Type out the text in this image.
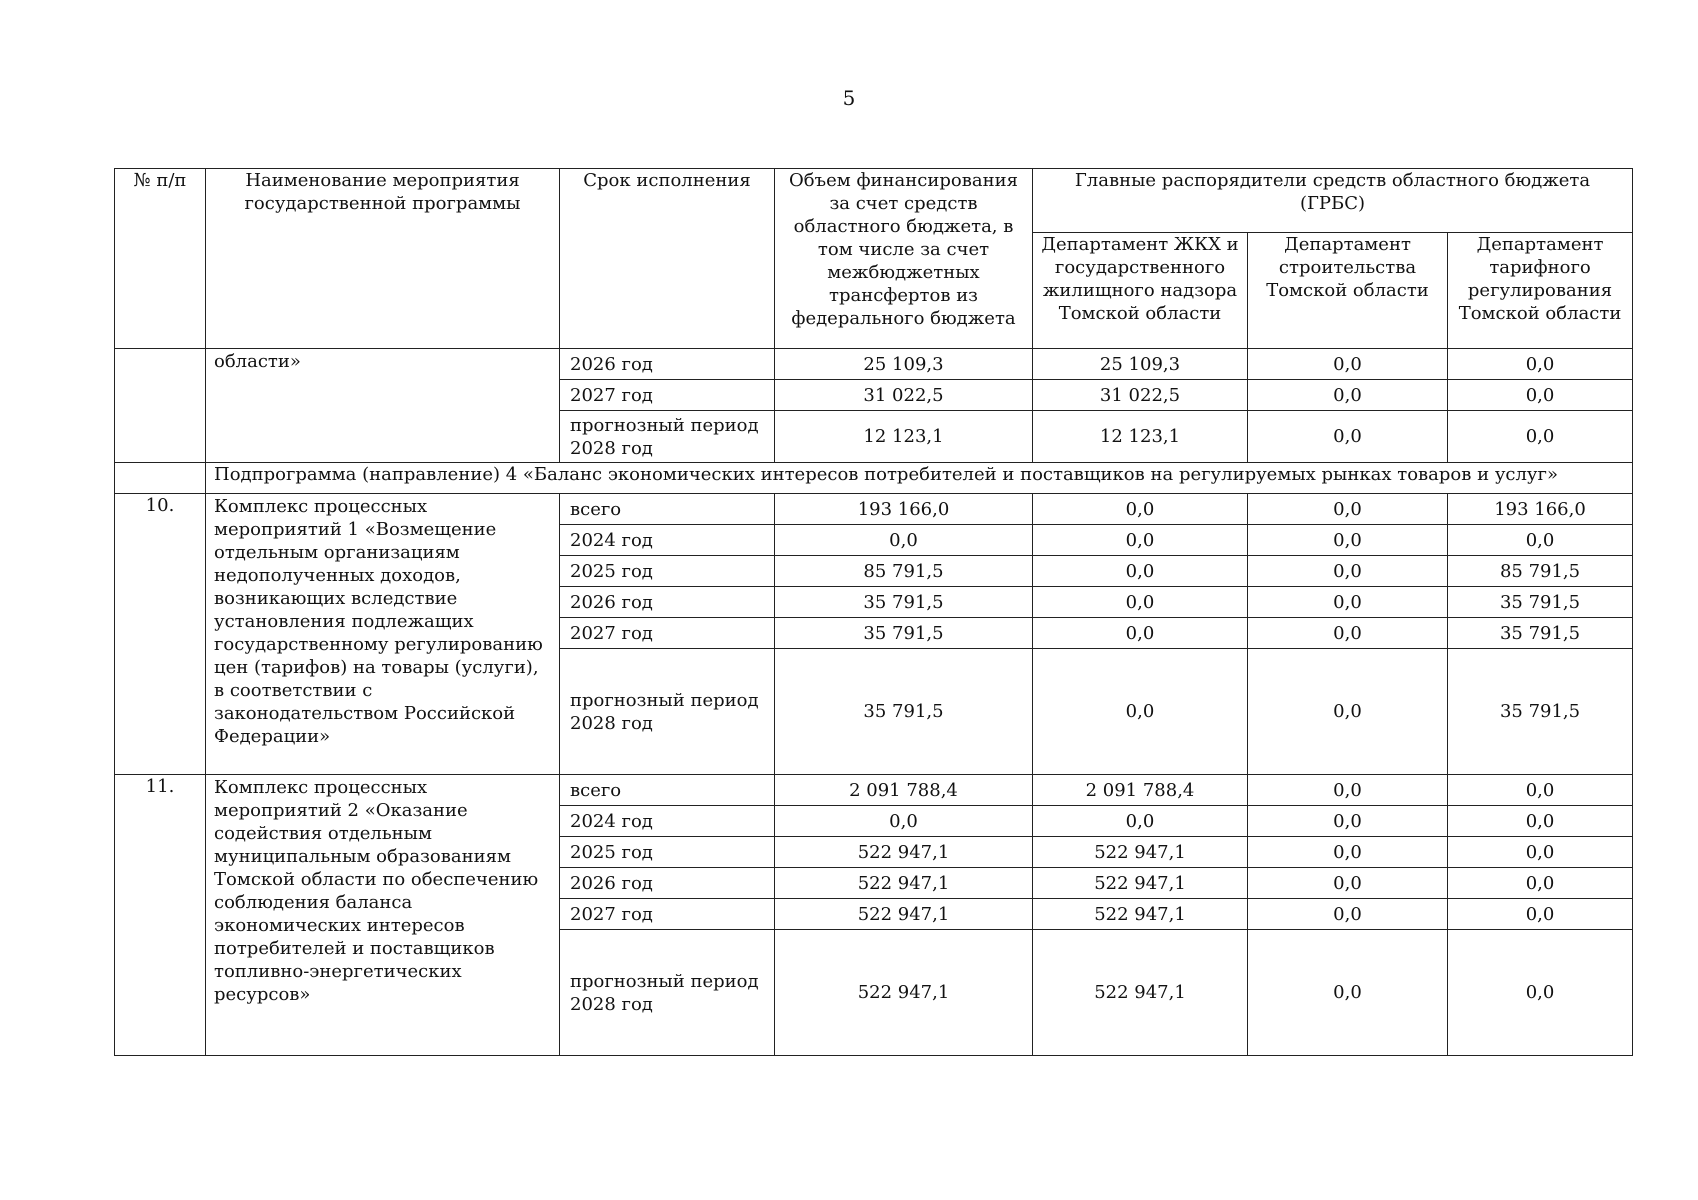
5
№ п/п	Наименование мероприятия государственной программы	Срок исполнения	Объем финансирования за счет средств областного бюджета, в том числе за счет межбюджетных трансфертов из федерального бюджета	Главные распорядители средств областного бюджета (ГРБС)		
				Департамент ЖКХ и государственного жилищного надзора Томской области	Департамент строительства Томской области	Департамент тарифного регулирования Томской области
	области»	2026 год	25 109,3	25 109,3	0,0	0,0
		2027 год	31 022,5	31 022,5	0,0	0,0
		прогнозный период 2028 год	12 123,1	12 123,1	0,0	0,0
	Подпрограмма (направление) 4 «Баланс экономических интересов потребителей и поставщиков на регулируемых рынках товаров и услуг»					
10.	Комплекс процессных мероприятий 1 «Возмещение отдельным организациям недополученных доходов, возникающих вследствие установления подлежащих государственному регулированию цен (тарифов) на товары (услуги), в соответствии с законодательством Российской Федерации»	всего	193 166,0	0,0	0,0	193 166,0
		2024 год	0,0	0,0	0,0	0,0
		2025 год	85 791,5	0,0	0,0	85 791,5
		2026 год	35 791,5	0,0	0,0	35 791,5
		2027 год	35 791,5	0,0	0,0	35 791,5
		прогнозный период 2028 год	35 791,5	0,0	0,0	35 791,5
11.	Комплекс процессных мероприятий 2 «Оказание содействия отдельным муниципальным образованиям Томской области по обеспечению соблюдения баланса экономических интересов потребителей и поставщиков топливно-энергетических ресурсов»	всего	2 091 788,4	2 091 788,4	0,0	0,0
		2024 год	0,0	0,0	0,0	0,0
		2025 год	522 947,1	522 947,1	0,0	0,0
		2026 год	522 947,1	522 947,1	0,0	0,0
		2027 год	522 947,1	522 947,1	0,0	0,0
		прогнозный период 2028 год	522 947,1	522 947,1	0,0	0,0
